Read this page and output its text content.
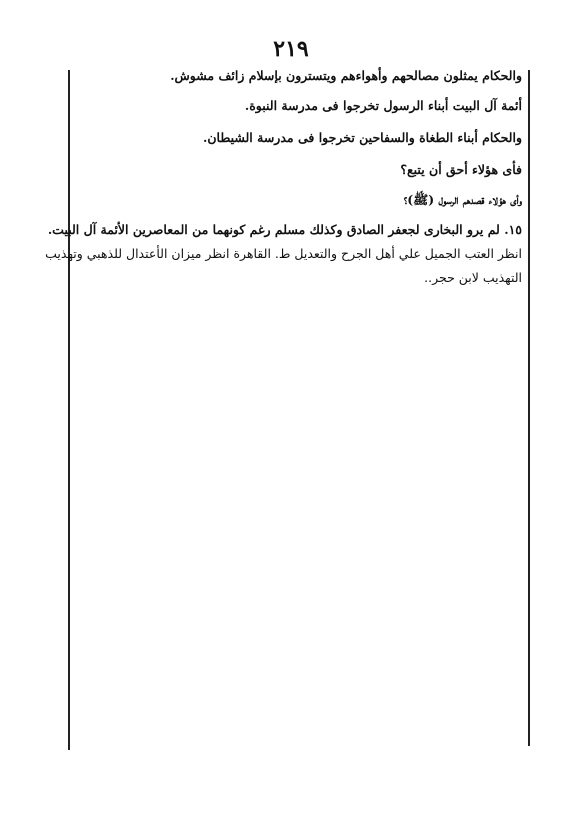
٢١٩
والحكام يمثلون مصالحهم وأهواءهم ويتسترون بإسلام زائف مشوش.
أئمة آل البيت أبناء الرسول تخرجوا فى مدرسة النبوة.
والحكام أبناء الطغاة والسفاحين تخرجوا فى مدرسة الشيطان.
فأى هؤلاء أحق أن يتبع؟
وأى هؤلاء قصدهم الرسول (ﷺ)؟
١٥. لم يرو البخارى لجعفر الصادق وكذلك مسلم رغم كونهما من المعاصرين الأئمة آل البيت.
انظر العتب الجميل علي أهل الجرح والتعديل ط. القاهرة انظر ميزان الأعتدال للذهبي وتهذيب
التهذيب لابن حجر..
